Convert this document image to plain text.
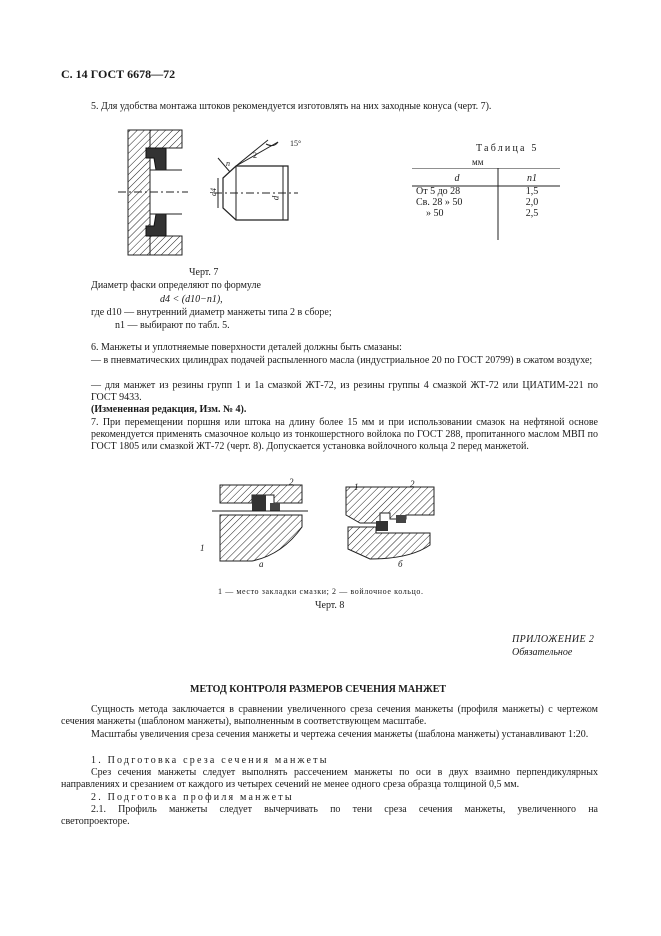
С. 14 ГОСТ 6678—72
5. Для удобства монтажа штоков рекомендуется изготовлять на них заходные конуса (черт. 7).
15°
n
2
d4
d
Таблица 5
мм
d	n1
От 5 до 28	1,5
Св. 28 » 50	2,0
» 50	2,5
Черт. 7
Диаметр фаски определяют по формуле
d4 < (d10−n1),
где d10 — внутренний диаметр манжеты типа 2 в сборе;
n1 — выбирают по табл. 5.
6. Манжеты и уплотняемые поверхности деталей должны быть смазаны:
— в пневматических цилиндрах подачей распыленного масла (индустриальное 20 по ГОСТ 20799) в сжатом воздухе;
— для манжет из резины групп 1 и 1а смазкой ЖТ-72, из резины группы 4 смазкой ЖТ-72 или ЦИАТИМ-221 по ГОСТ 9433.
(Измененная редакция, Изм. № 4).
7. При перемещении поршня или штока на длину более 15 мм и при использовании смазок на нефтяной основе рекомендуется применять смазочное кольцо из тонкошерстного войлока по ГОСТ 288, пропитанного маслом МВП по ГОСТ 1805 или смазкой ЖТ-72 (черт. 8). Допускается установка войлочного кольца 2 перед манжетой.
2
1
а
1	2
б
1 — место закладки смазки; 2 — войлочное кольцо.
Черт. 8
ПРИЛОЖЕНИЕ 2
Обязательное
МЕТОД КОНТРОЛЯ РАЗМЕРОВ СЕЧЕНИЯ МАНЖЕТ
Сущность метода заключается в сравнении увеличенного среза сечения манжеты (профиля манжеты) с чертежом сечения манжеты (шаблоном манжеты), выполненным в соответствующем масштабе.
Масштабы увеличения среза сечения манжеты и чертежа сечения манжеты (шаблона манжеты) устанавливают 1:20.
1. Подготовка среза сечения манжеты
Срез сечения манжеты следует выполнять рассечением манжеты по оси в двух взаимно перпендикулярных направлениях и срезанием от каждого из четырех сечений не менее одного среза образца толщиной 0,5 мм.
2. Подготовка профиля манжеты
2.1. Профиль манжеты следует вычерчивать по тени среза сечения манжеты, увеличенного на светопроекторе.
